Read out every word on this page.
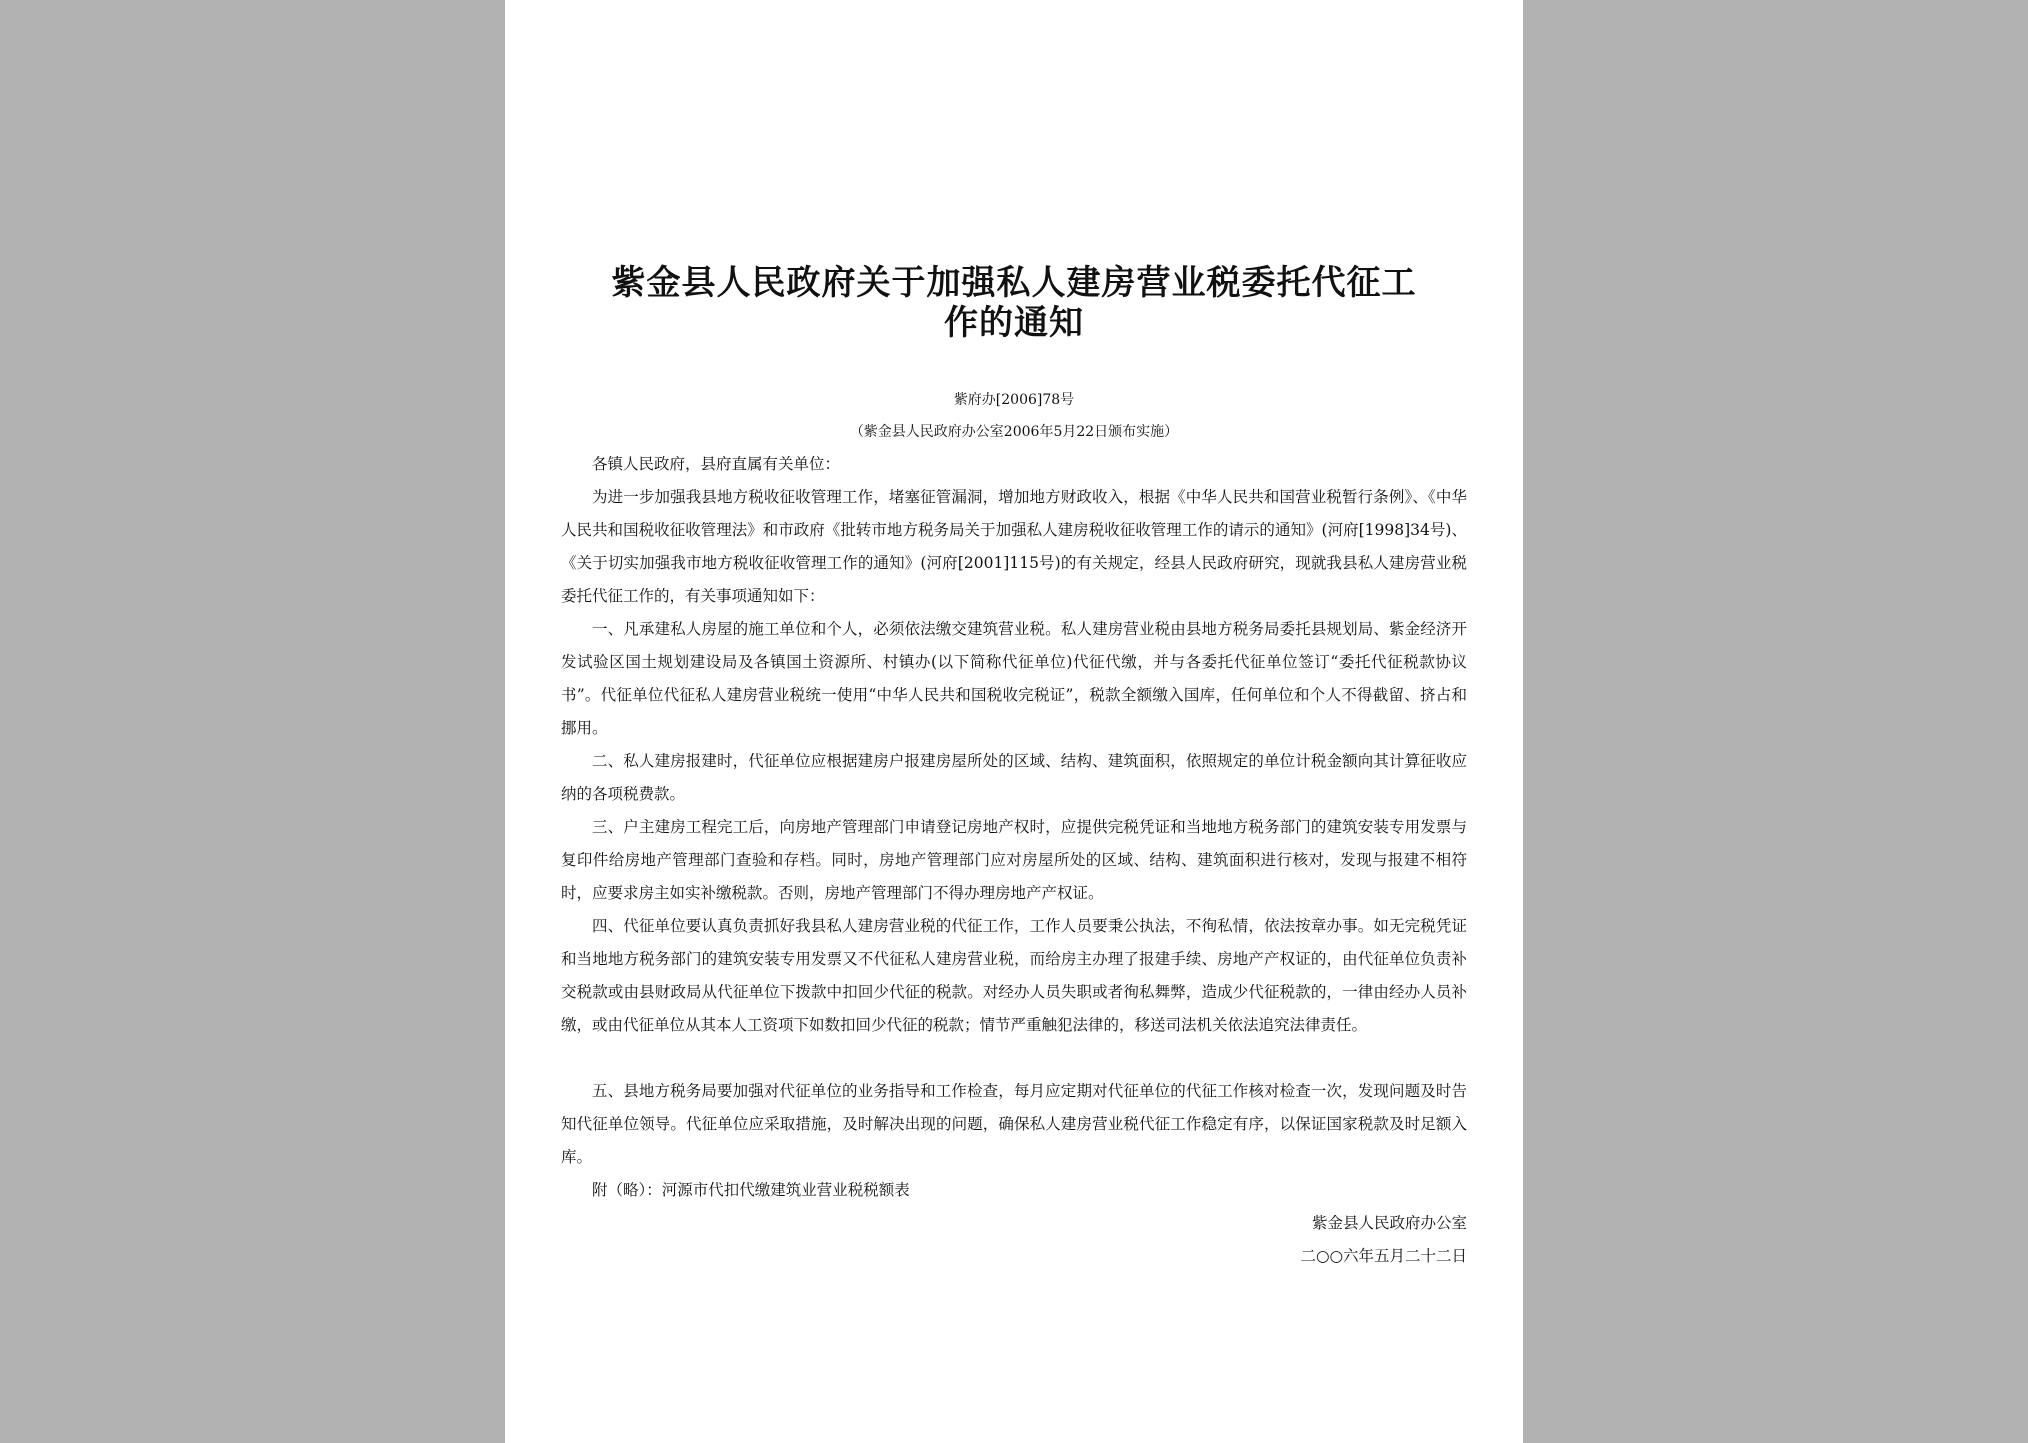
紫金县人民政府关于加强私人建房营业税委托代征工
作的通知
紫府办[2006]78号
（紫金县人民政府办公室2006年5月22日颁布实施）

各镇人民政府，县府直属有关单位：

为进一步加强我县地方税收征收管理工作，堵塞征管漏洞，增加地方财政收入，根据《中华人民共和国营业税暂行条例》、《中华人民共和国税收征收管理法》和市政府《批转市地方税务局关于加强私人建房税收征收管理工作的请示的通知》(河府[1998]34号)、《关于切实加强我市地方税收征收管理工作的通知》(河府[2001]115号)的有关规定，经县人民政府研究，现就我县私人建房营业税委托代征工作的，有关事项通知如下：

一、凡承建私人房屋的施工单位和个人，必须依法缴交建筑营业税。私人建房营业税由县地方税务局委托县规划局、紫金经济开发试验区国土规划建设局及各镇国土资源所、村镇办(以下简称代征单位)代征代缴，并与各委托代征单位签订“委托代征税款协议书”。代征单位代征私人建房营业税统一使用“中华人民共和国税收完税证”，税款全额缴入国库，任何单位和个人不得截留、挤占和挪用。

二、私人建房报建时，代征单位应根据建房户报建房屋所处的区域、结构、建筑面积，依照规定的单位计税金额向其计算征收应纳的各项税费款。

三、户主建房工程完工后，向房地产管理部门申请登记房地产权时，应提供完税凭证和当地地方税务部门的建筑安装专用发票与复印件给房地产管理部门查验和存档。同时，房地产管理部门应对房屋所处的区域、结构、建筑面积进行核对，发现与报建不相符时，应要求房主如实补缴税款。否则，房地产管理部门不得办理房地产产权证。

四、代征单位要认真负责抓好我县私人建房营业税的代征工作，工作人员要秉公执法，不徇私情，依法按章办事。如无完税凭证和当地地方税务部门的建筑安装专用发票又不代征私人建房营业税，而给房主办理了报建手续、房地产产权证的，由代征单位负责补交税款或由县财政局从代征单位下拨款中扣回少代征的税款。对经办人员失职或者徇私舞弊，造成少代征税款的，一律由经办人员补缴，或由代征单位从其本人工资项下如数扣回少代征的税款；情节严重触犯法律的，移送司法机关依法追究法律责任。

五、县地方税务局要加强对代征单位的业务指导和工作检查，每月应定期对代征单位的代征工作核对检查一次，发现问题及时告知代征单位领导。代征单位应采取措施，及时解决出现的问题，确保私人建房营业税代征工作稳定有序，以保证国家税款及时足额入库。

附（略）：河源市代扣代缴建筑业营业税税额表

紫金县人民政府办公室
二○○六年五月二十二日
